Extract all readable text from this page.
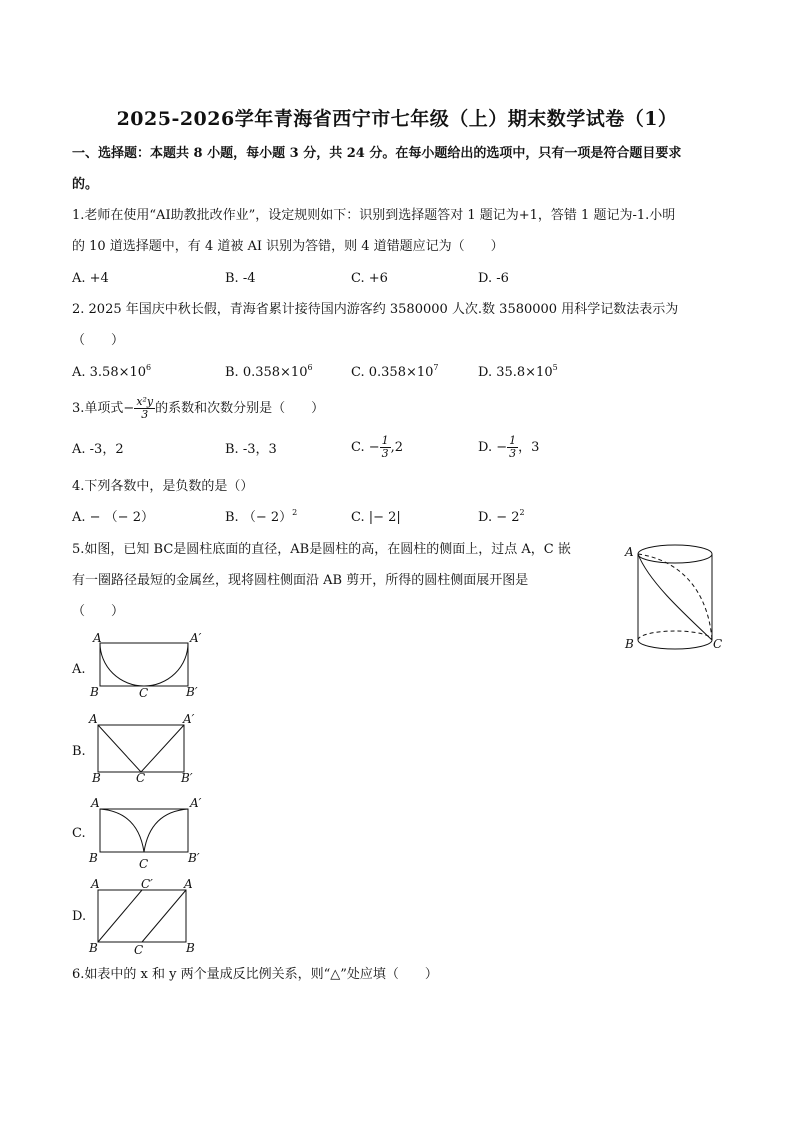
2025-2026学年青海省西宁市七年级（上）期末数学试卷（1）
一、选择题：本题共 8 小题，每小题 3 分，共 24 分。在每小题给出的选项中，只有一项是符合题目要求
的。
1.老师在使用“AI助教批改作业”，设定规则如下：识别到选择题答对 1 题记为+1，答错 1 题记为-1.小明
的 10 道选择题中，有 4 道被 AI 识别为答错，则 4 道错题应记为（　　）
A. +4	B. -4	C. +6	D. -6
2. 2025 年国庆中秋长假，青海省累计接待国内游客约 3580000 人次.数 3580000 用科学记数法表示为
（　　）
A. $3.58\times 10^6$	B. $0.358\times 10^6$	C. $0.358\times 10^7$	D. $35.8\times 10^5$
3.单项式− $\frac{\text{x²y}}{3}$ 的系数和次数分别是（　　）
A. -3，2	B. -3，3	C. − $\frac{1}{3} ,2$	D. − $\frac{1}{3}$ ，3
4.下列各数中，是负数的是（）
A. − （− 2）	B. （− 2）$^2$	C. |− 2|	D. − $2^2$
5.如图，已知 BC是圆柱底面的直径，AB是圆柱的高，在圆柱的侧面上，过点 A，C 嵌
有一圈路径最短的金属丝，现将圆柱侧面沿 AB 剪开，所得的圆柱侧面展开图是
（　　）
A
B	C
A.
A	A′
B	C	B′
B.
A	A′
B	C	B′
C.
A	A′
B	C	B′
D.
A	C′	A
B	C	B
6.如表中的 x 和 y 两个量成反比例关系，则“△”处应填（　　）
